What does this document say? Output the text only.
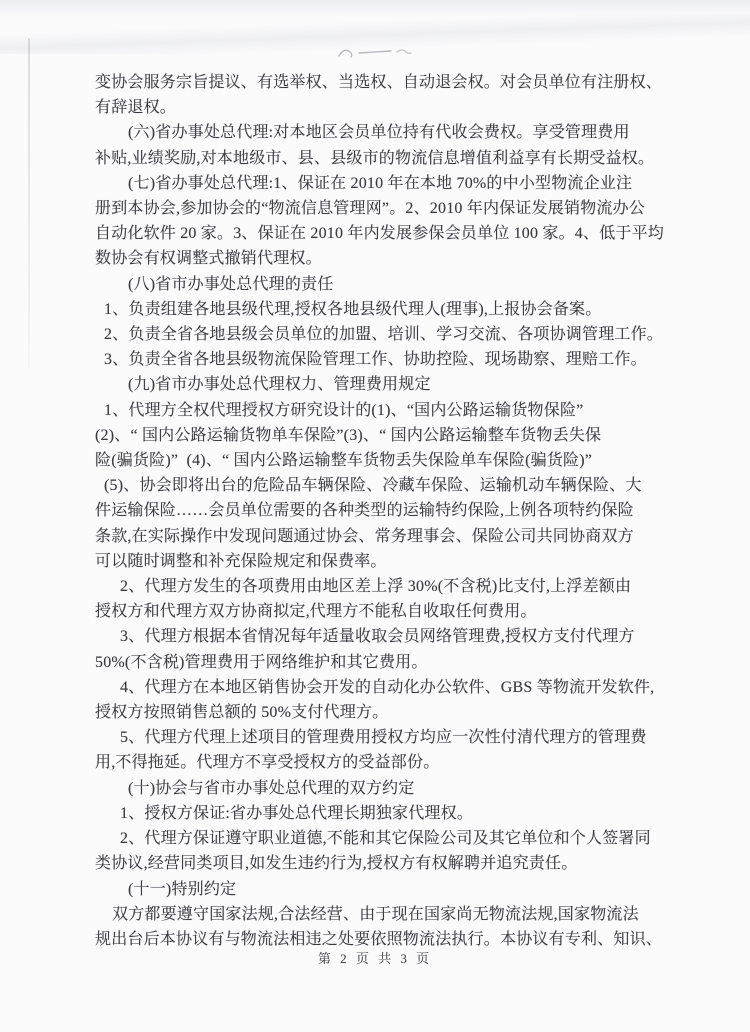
变协会服务宗旨提议、有选举权、当选权、自动退会权。对会员单位有注册权、
有辞退权。
(六)省办事处总代理:对本地区会员单位持有代收会费权。享受管理费用
补贴,业绩奖励,对本地级市、县、县级市的物流信息增值利益享有长期受益权。
(七)省办事处总代理:1、保证在 2010 年在本地 70%的中小型物流企业注
册到本协会,参加协会的“物流信息管理网”。2、2010 年内保证发展销物流办公
自动化软件 20 家。3、保证在 2010 年内发展参保会员单位 100 家。4、低于平均
数协会有权调整式撤销代理权。
(八)省市办事处总代理的责任
1、负责组建各地县级代理,授权各地县级代理人(理事),上报协会备案。
2、负责全省各地县级会员单位的加盟、培训、学习交流、各项协调管理工作。
3、负责全省各地县级物流保险管理工作、协助控险、现场勘察、理赔工作。
(九)省市办事处总代理权力、管理费用规定
1、代理方全权代理授权方研究设计的(1)、“国内公路运输货物保险”
(2)、“ 国内公路运输货物单车保险”(3)、“ 国内公路运输整车货物丢失保
险(骗货险)”  (4)、“ 国内公路运输整车货物丢失保险单车保险(骗货险)”
(5)、协会即将出台的危险品车辆保险、冷藏车保险、运输机动车辆保险、大
件运输保险……会员单位需要的各种类型的运输特约保险,上例各项特约保险
条款,在实际操作中发现问题通过协会、常务理事会、保险公司共同协商双方
可以随时调整和补充保险规定和保费率。
2、代理方发生的各项费用由地区差上浮 30%(不含税)比支付,上浮差额由
授权方和代理方双方协商拟定,代理方不能私自收取任何费用。
3、代理方根据本省情况每年适量收取会员网络管理费,授权方支付代理方
50%(不含税)管理费用于网络维护和其它费用。
4、代理方在本地区销售协会开发的自动化办公软件、GBS 等物流开发软件,
授权方按照销售总额的 50%支付代理方。
5、代理方代理上述项目的管理费用授权方均应一次性付清代理方的管理费
用,不得拖延。代理方不享受授权方的受益部份。
(十)协会与省市办事处总代理的双方约定
1、授权方保证:省办事处总代理长期独家代理权。
2、代理方保证遵守职业道德,不能和其它保险公司及其它单位和个人签署同
类协议,经营同类项目,如发生违约行为,授权方有权解聘并追究责任。
(十一)特别约定
双方都要遵守国家法规,合法经营、由于现在国家尚无物流法规,国家物流法
规出台后本协议有与物流法相违之处要依照物流法执行。本协议有专利、知识、
第 2 页 共 3 页
